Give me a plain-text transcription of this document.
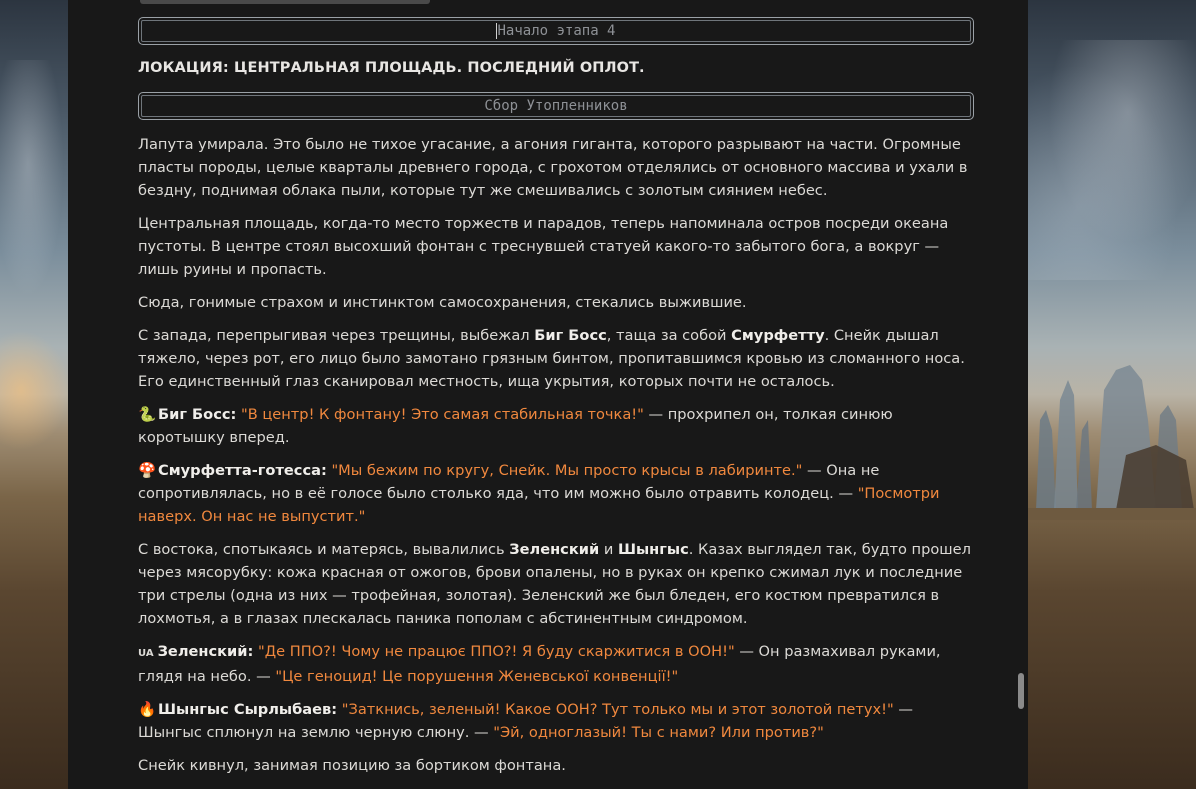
Начало этапа 4
ЛОКАЦИЯ: ЦЕНТРАЛЬНАЯ ПЛОЩАДЬ. ПОСЛЕДНИЙ ОПЛОТ.
Сбор Утопленников

Лапута умирала. Это было не тихое угасание, а агония гиганта, которого разрывают на части. Огромные пласты породы, целые кварталы древнего города, с грохотом отделялись от основного массива и ухали в бездну, поднимая облака пыли, которые тут же смешивались с золотым сиянием небес.

Центральная площадь, когда-то место торжеств и парадов, теперь напоминала остров посреди океана пустоты. В центре стоял высохший фонтан с треснувшей статуей какого-то забытого бога, а вокруг — лишь руины и пропасть.

Сюда, гонимые страхом и инстинктом самосохранения, стекались выжившие.

С запада, перепрыгивая через трещины, выбежал Биг Босс, таща за собой Смурфетту. Снейк дышал тяжело, через рот, его лицо было замотано грязным бинтом, пропитавшимся кровью из сломанного носа. Его единственный глаз сканировал местность, ища укрытия, которых почти не осталось.

🐍 Биг Босс: "В центр! К фонтану! Это самая стабильная точка!" — прохрипел он, толкая синюю коротышку вперед.

🍄 Смурфетта-готесса: "Мы бежим по кругу, Снейк. Мы просто крысы в лабиринте." — Она не сопротивлялась, но в её голосе было столько яда, что им можно было отравить колодец. — "Посмотри наверх. Он нас не выпустит."

С востока, спотыкаясь и матерясь, вывалились Зеленский и Шынгыс. Казах выглядел так, будто прошел через мясорубку: кожа красная от ожогов, брови опалены, но в руках он крепко сжимал лук и последние три стрелы (одна из них — трофейная, золотая). Зеленский же был бледен, его костюм превратился в лохмотья, а в глазах плескалась паника пополам с абстинентным синдромом.

UA Зеленский: "Де ППО?! Чому не працює ППО?! Я буду скаржитися в ООН!" — Он размахивал руками, глядя на небо. — "Це геноцид! Це порушення Женевської конвенції!"

🔥 Шынгыс Сырлыбаев: "Заткнись, зеленый! Какое ООН? Тут только мы и этот золотой петух!" — Шынгыс сплюнул на землю черную слюну. — "Эй, одноглазый! Ты с нами? Или против?"

Снейк кивнул, занимая позицию за бортиком фонтана.
